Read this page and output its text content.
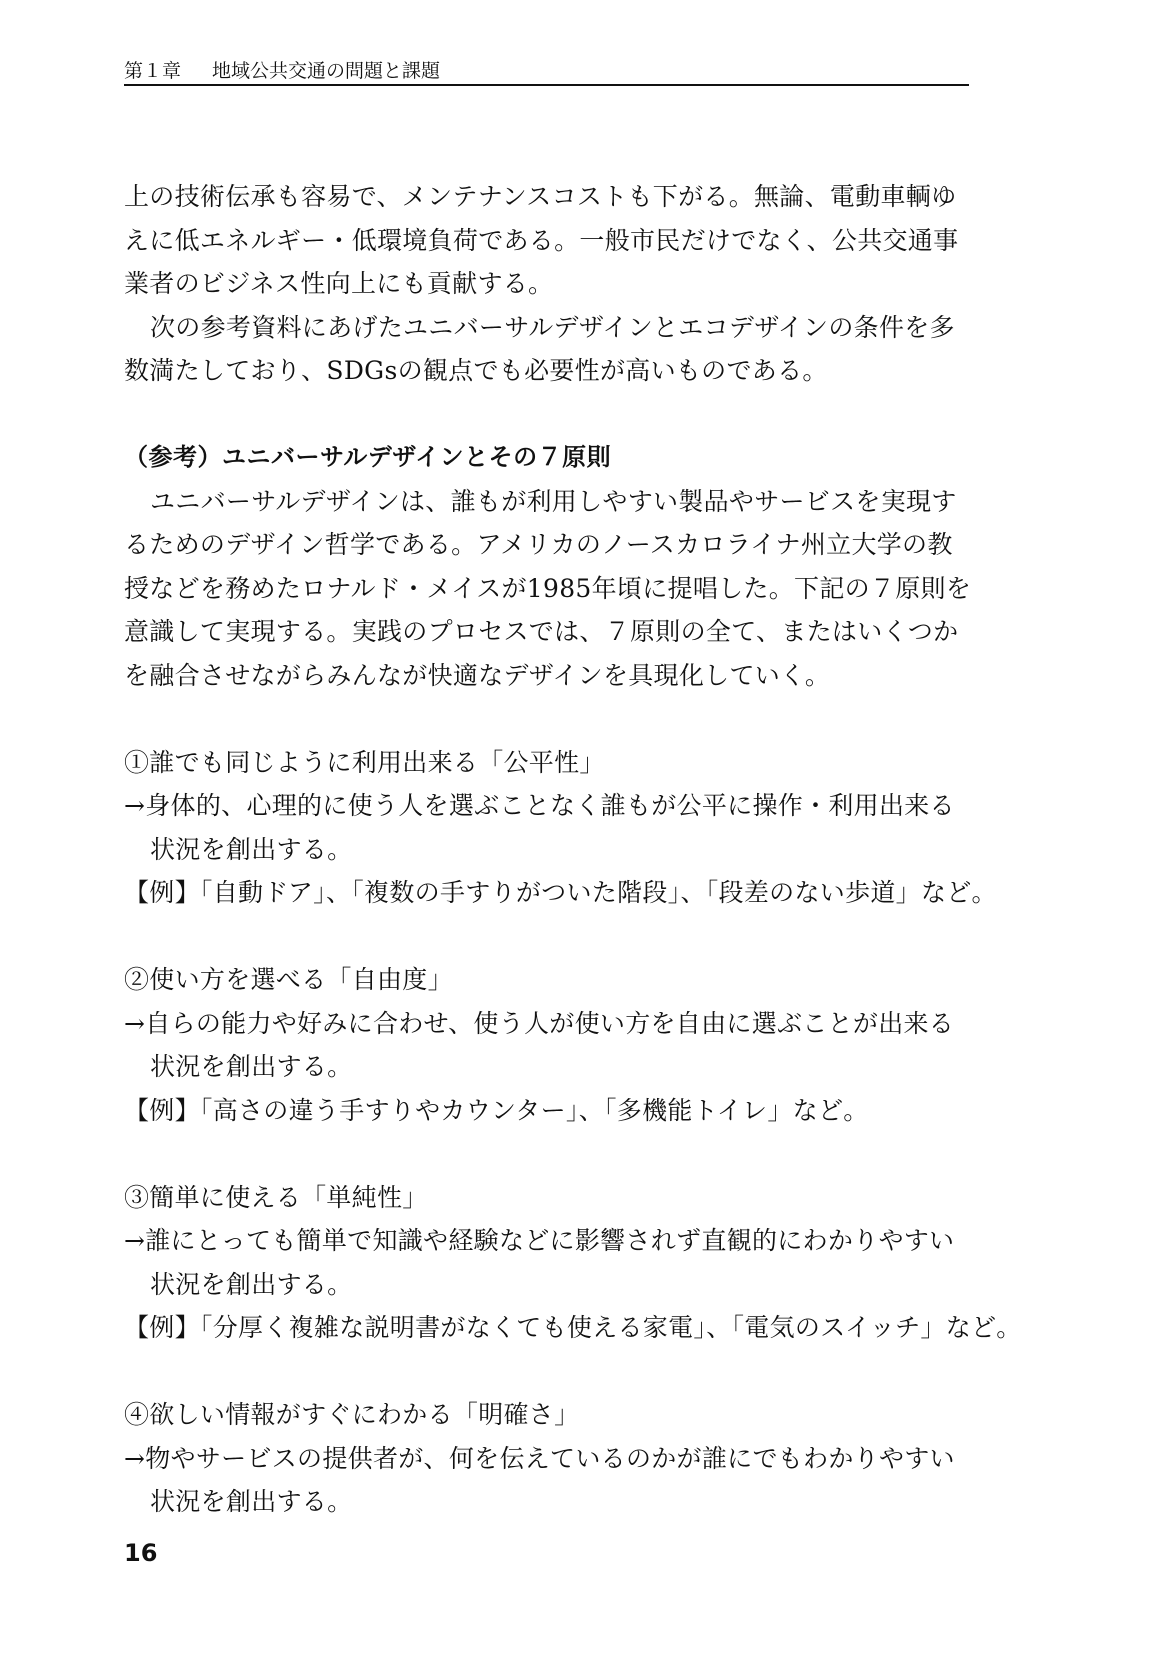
第１章 地域公共交通の問題と課題

上の技術伝承も容易で、メンテナンスコストも下がる。無論、電動車輌ゆ

えに低エネルギー・低環境負荷である。一般市民だけでなく、公共交通事

業者のビジネス性向上にも貢献する。

次の参考資料にあげたユニバーサルデザインとエコデザインの条件を多

数満たしており、SDGsの観点でも必要性が高いものである。

（参考）ユニバーサルデザインとその７原則

ユニバーサルデザインは、誰もが利用しやすい製品やサービスを実現す

るためのデザイン哲学である。アメリカのノースカロライナ州立大学の教

授などを務めたロナルド・メイスが1985年頃に提唱した。下記の７原則を

意識して実現する。実践のプロセスでは、７原則の全て、またはいくつか

を融合させながらみんなが快適なデザインを具現化していく。

①誰でも同じように利用出来る「公平性」

→身体的、心理的に使う人を選ぶことなく誰もが公平に操作・利用出来る

状況を創出する。

【例】「自動ドア」、「複数の手すりがついた階段」、「段差のない歩道」など。

②使い方を選べる「自由度」

→自らの能力や好みに合わせ、使う人が使い方を自由に選ぶことが出来る

状況を創出する。

【例】「高さの違う手すりやカウンター」、「多機能トイレ」など。

③簡単に使える「単純性」

→誰にとっても簡単で知識や経験などに影響されず直観的にわかりやすい

状況を創出する。

【例】「分厚く複雑な説明書がなくても使える家電」、「電気のスイッチ」など。

④欲しい情報がすぐにわかる「明確さ」

→物やサービスの提供者が、何を伝えているのかが誰にでもわかりやすい

状況を創出する。

16
